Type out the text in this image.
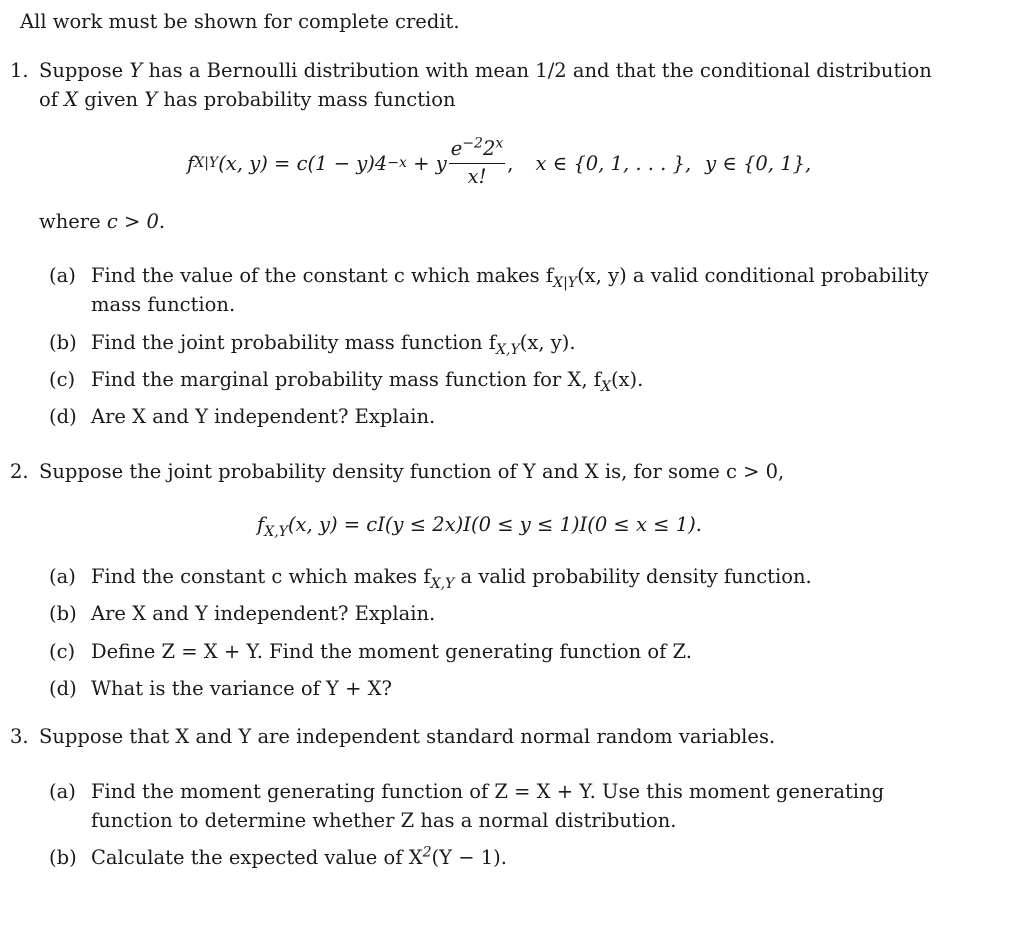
All work must be shown for complete credit.
1. Suppose Y has a Bernoulli distribution with mean 1/2 and that the conditional distribution
of X given Y has probability mass function
f X|Y (x, y) = c(1 − y)4 −x + y $\frac{e^{-2}2^x}{x!}$ , x ∈ {0, 1, . . . }, y ∈ {0, 1},
where c > 0.
(a) Find the value of the constant c which makes $f_{X|Y}(x$, y) a valid conditional probability
mass function.
(b) Find the joint probability mass function $f_{X,Y}(x$, y).
(c) Find the marginal probability mass function for X, $f_X(x)$.
(d) Are X and Y independent? Explain.
2. Suppose the joint probability density function of Y and X is, for some c > 0,
$f_{X,Y}(x$, y) = cI(y ≤ 2x)I(0 ≤ y ≤ 1)I(0 ≤ x ≤ 1).
(a) Find the constant c which makes $f_{X,Y}$ a valid probability density function.
(b) Are X and Y independent? Explain.
(c) Define Z = X + Y. Find the moment generating function of Z.
(d) What is the variance of Y + X?
3. Suppose that X and Y are independent standard normal random variables.
(a) Find the moment generating function of Z = X + Y. Use this moment generating
function to determine whether Z has a normal distribution.
(b) Calculate the expected value of $X^2(Y - 1)$.
